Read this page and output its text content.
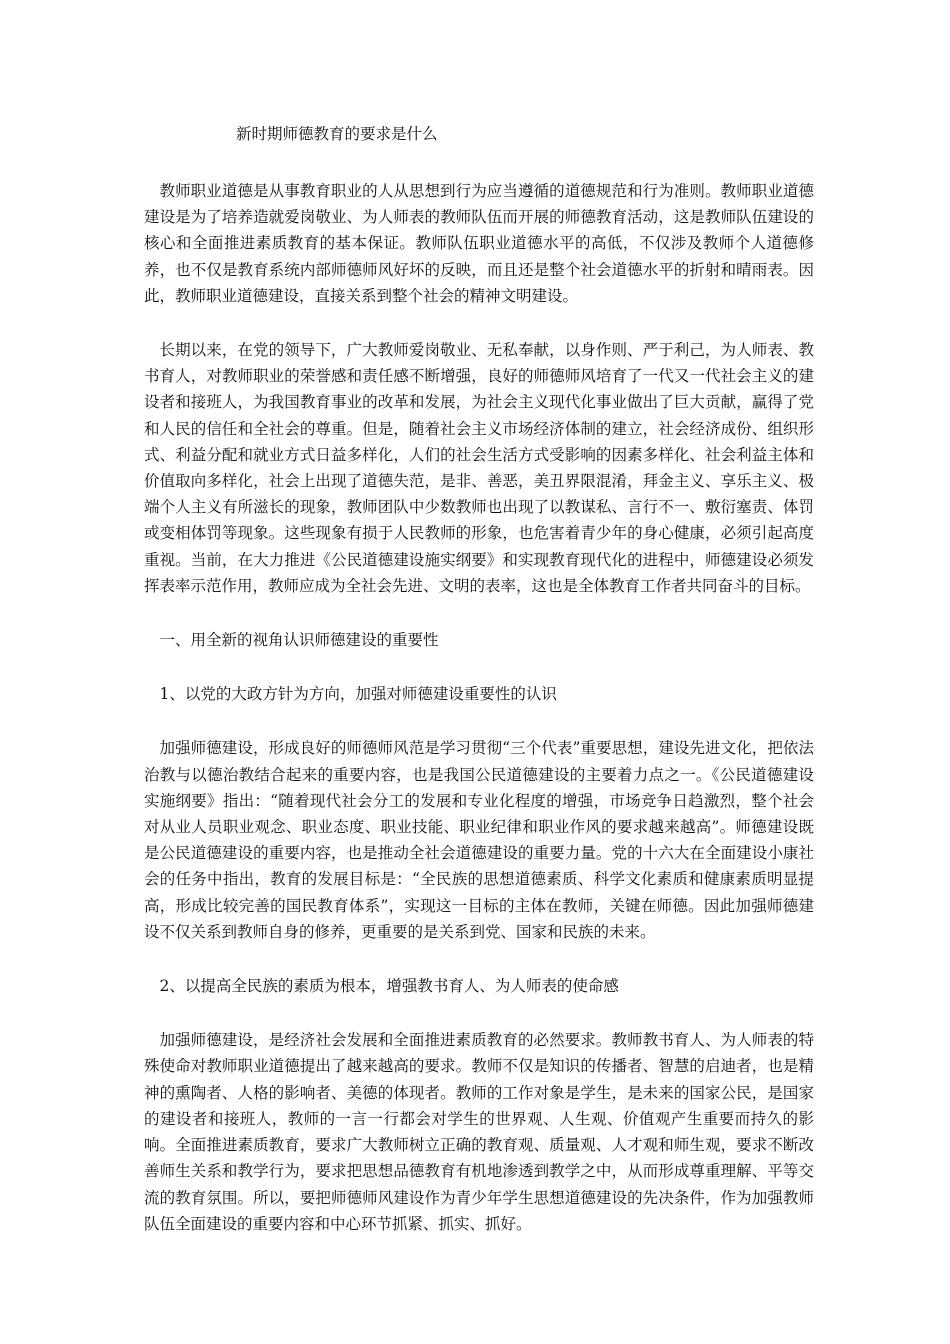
新时期师德教育的要求是什么

教师职业道德是从事教育职业的人从思想到行为应当遵循的道德规范和行为准则。教师职业道德建设是为了培养造就爱岗敬业、为人师表的教师队伍而开展的师德教育活动，这是教师队伍建设的核心和全面推进素质教育的基本保证。教师队伍职业道德水平的高低，不仅涉及教师个人道德修养，也不仅是教育系统内部师德师风好坏的反映，而且还是整个社会道德水平的折射和晴雨表。因此，教师职业道德建设，直接关系到整个社会的精神文明建设。

长期以来，在党的领导下，广大教师爱岗敬业、无私奉献，以身作则、严于利己，为人师表、教书育人，对教师职业的荣誉感和责任感不断增强，良好的师德师风培育了一代又一代社会主义的建设者和接班人，为我国教育事业的改革和发展，为社会主义现代化事业做出了巨大贡献，赢得了党和人民的信任和全社会的尊重。但是，随着社会主义市场经济体制的建立，社会经济成份、组织形式、利益分配和就业方式日益多样化，人们的社会生活方式受影响的因素多样化、社会利益主体和价值取向多样化，社会上出现了道德失范，是非、善恶，美丑界限混淆，拜金主义、享乐主义、极端个人主义有所滋长的现象，教师团队中少数教师也出现了以教谋私、言行不一、敷衍塞责、体罚或变相体罚等现象。这些现象有损于人民教师的形象，也危害着青少年的身心健康，必须引起高度重视。当前，在大力推进《公民道德建设施实纲要》和实现教育现代化的进程中，师德建设必须发挥表率示范作用，教师应成为全社会先进、文明的表率，这也是全体教育工作者共同奋斗的目标。

一、用全新的视角认识师德建设的重要性

1、以党的大政方针为方向，加强对师德建设重要性的认识

加强师德建设，形成良好的师德师风范是学习贯彻“三个代表”重要思想，建设先进文化，把依法治教与以德治教结合起来的重要内容，也是我国公民道德建设的主要着力点之一。《公民道德建设实施纲要》指出：“随着现代社会分工的发展和专业化程度的增强，市场竞争日趋激烈，整个社会对从业人员职业观念、职业态度、职业技能、职业纪律和职业作风的要求越来越高”。师德建设既是公民道德建设的重要内容，也是推动全社会道德建设的重要力量。党的十六大在全面建设小康社会的任务中指出，教育的发展目标是：“全民族的思想道德素质、科学文化素质和健康素质明显提高，形成比较完善的国民教育体系”，实现这一目标的主体在教师，关键在师德。因此加强师德建设不仅关系到教师自身的修养，更重要的是关系到党、国家和民族的未来。

2、以提高全民族的素质为根本，增强教书育人、为人师表的使命感

加强师德建设，是经济社会发展和全面推进素质教育的必然要求。教师教书育人、为人师表的特殊使命对教师职业道德提出了越来越高的要求。教师不仅是知识的传播者、智慧的启迪者，也是精神的熏陶者、人格的影响者、美德的体现者。教师的工作对象是学生，是未来的国家公民，是国家的建设者和接班人，教师的一言一行都会对学生的世界观、人生观、价值观产生重要而持久的影响。全面推进素质教育，要求广大教师树立正确的教育观、质量观、人才观和师生观，要求不断改善师生关系和教学行为，要求把思想品德教育有机地渗透到教学之中，从而形成尊重理解、平等交流的教育氛围。所以，要把师德师风建设作为青少年学生思想道德建设的先决条件，作为加强教师队伍全面建设的重要内容和中心环节抓紧、抓实、抓好。
